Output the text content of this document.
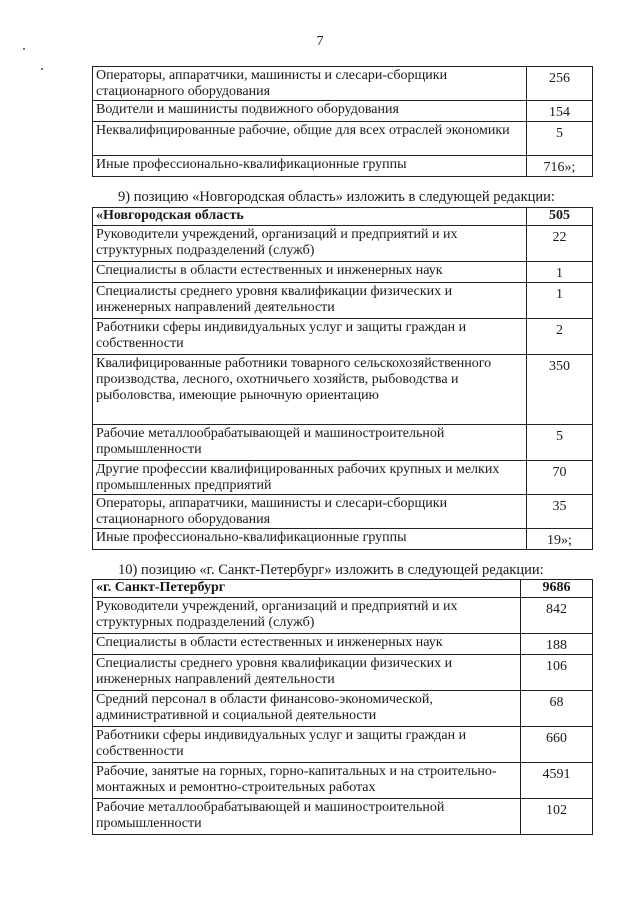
7
Операторы, аппаратчики, машинисты и слесари-сборщики стационарного оборудования	256
Водители и машинисты подвижного оборудования	154
Неквалифицированные рабочие, общие для всех отраслей экономики	5
Иные профессионально-квалификационные группы	716»;
9) позицию «Новгородская область» изложить в следующей редакции:
«Новгородская область	505
Руководители учреждений, организаций и предприятий и их структурных подразделений (служб)	22
Специалисты в области естественных и инженерных наук	1
Специалисты среднего уровня квалификации физических и инженерных направлений деятельности	1
Работники сферы индивидуальных услуг и защиты граждан и собственности	2
Квалифицированные работники товарного сельскохозяйственного производства, лесного, охотничьего хозяйств, рыбоводства и рыболовства, имеющие рыночную ориентацию	350
Рабочие металлообрабатывающей и машиностроительной промышленности	5
Другие профессии квалифицированных рабочих крупных и мелких промышленных предприятий	70
Операторы, аппаратчики, машинисты и слесари-сборщики стационарного оборудования	35
Иные профессионально-квалификационные группы	19»;
10) позицию «г. Санкт-Петербург» изложить в следующей редакции:
«г. Санкт-Петербург	9686
Руководители учреждений, организаций и предприятий и их структурных подразделений (служб)	842
Специалисты в области естественных и инженерных наук	188
Специалисты среднего уровня квалификации физических и инженерных направлений деятельности	106
Средний персонал в области финансово-экономической, административной и социальной деятельности	68
Работники сферы индивидуальных услуг и защиты граждан и собственности	660
Рабочие, занятые на горных, горно-капитальных и на строительно-монтажных и ремонтно-строительных работах	4591
Рабочие металлообрабатывающей и машиностроительной промышленности	102
